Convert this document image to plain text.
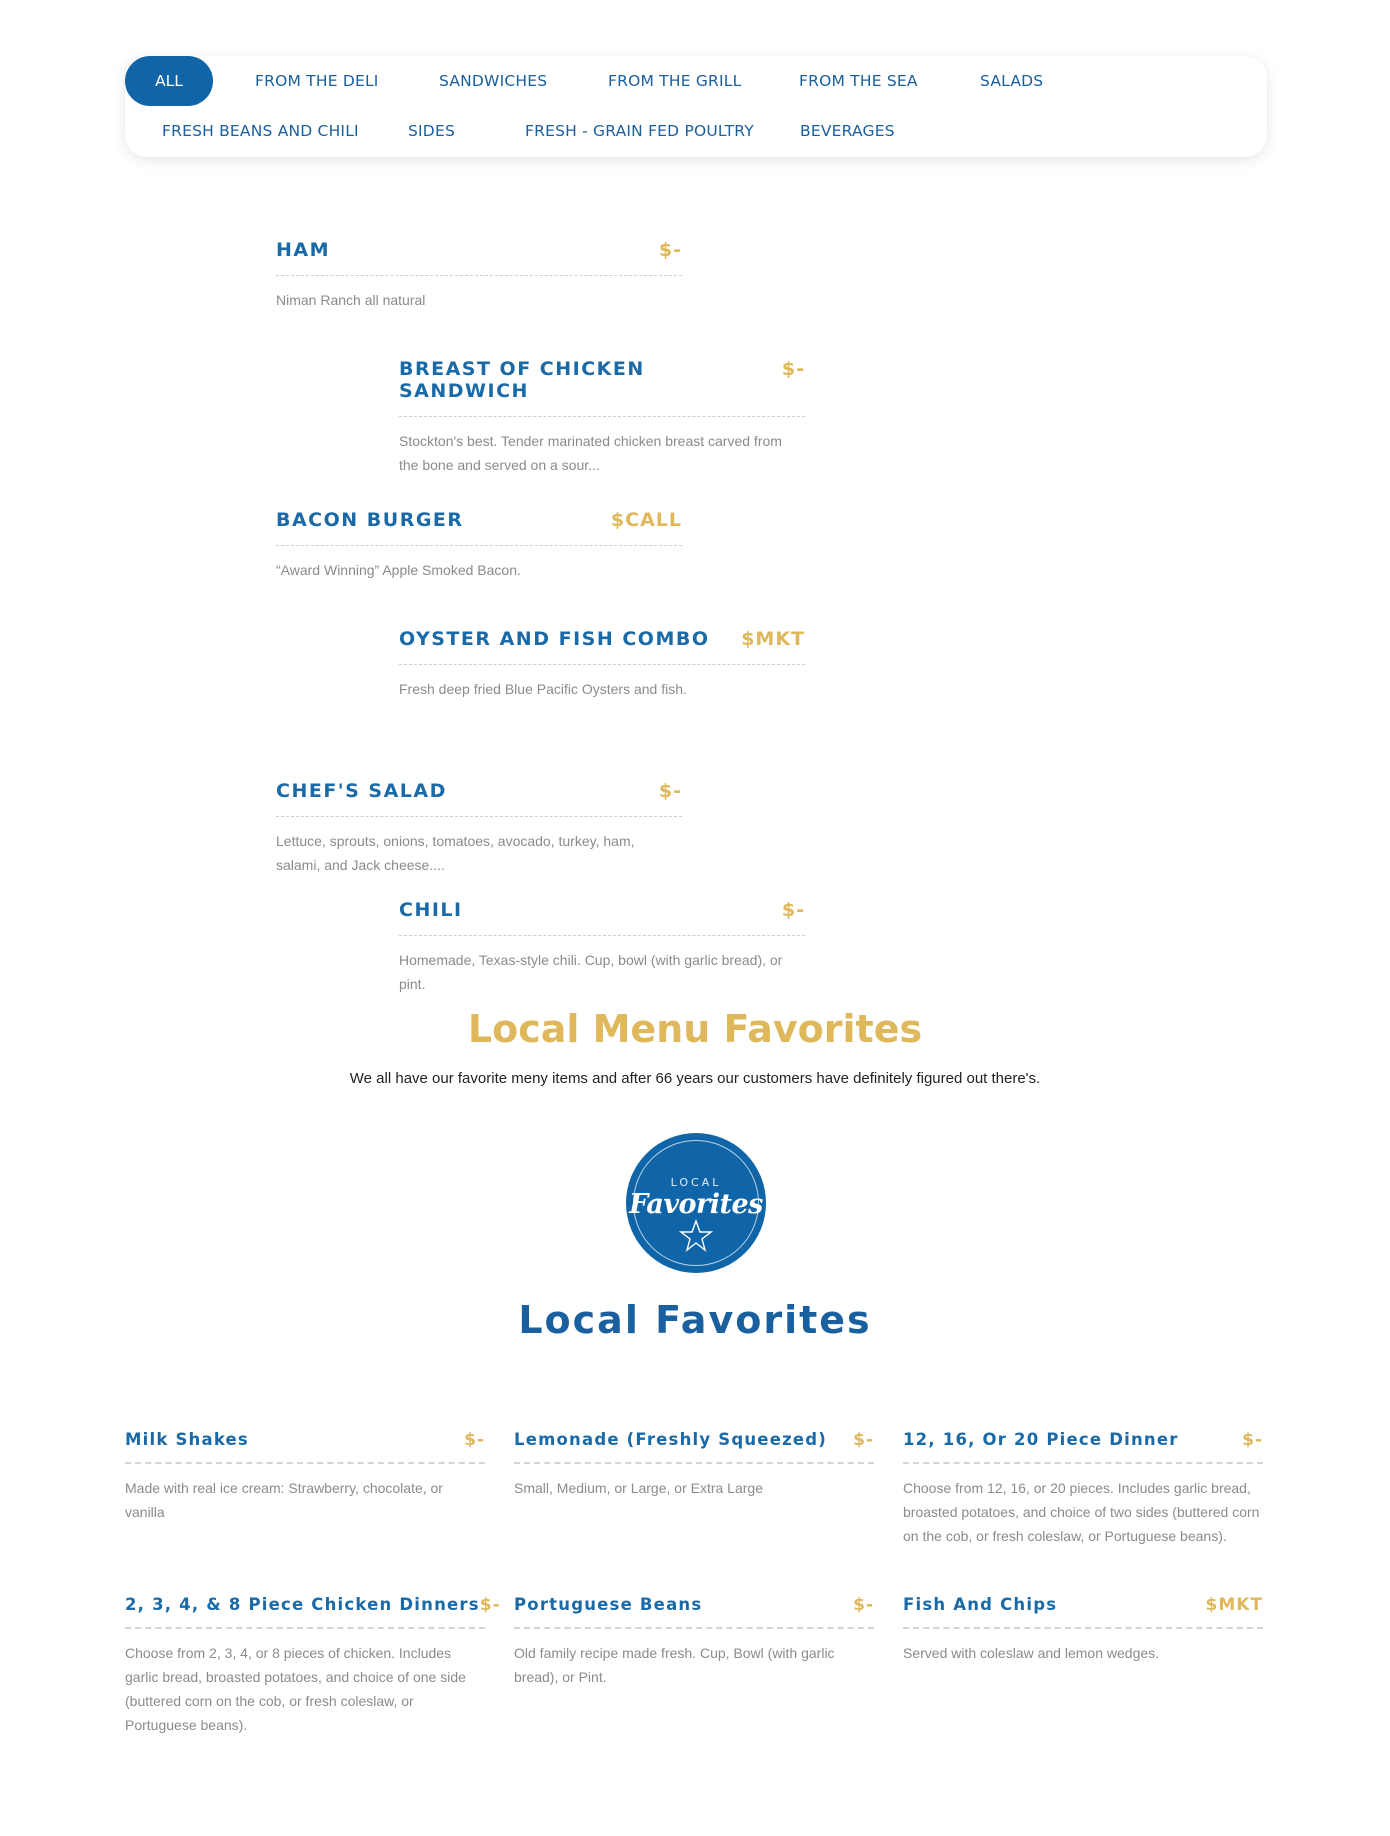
ALL	FROM THE DELI	SANDWICHES	FROM THE GRILL	FROM THE SEA	SALADS
FRESH BEANS AND CHILI	SIDES	FRESH - GRAIN FED POULTRY	BEVERAGES
HAM	$-
Niman Ranch all natural
BREAST OF CHICKEN SANDWICH
$-
Stockton's best. Tender marinated chicken breast carved from the bone and served on a sour...
BACON BURGER	$CALL
“Award Winning” Apple Smoked Bacon.
OYSTER AND FISH COMBO $MKT
Fresh deep fried Blue Pacific Oysters and fish.
CHEF'S SALAD	$-
Lettuce, sprouts, onions, tomatoes, avocado, turkey, ham, salami, and Jack cheese....
CHILI	$-
Homemade, Texas-style chili. Cup, bowl (with garlic bread), or pint.
Local Menu Favorites
We all have our favorite meny items and after 66 years our customers have definitely figured out there's.
LOCAL
Favorites
Local Favorites
Milk Shakes	$-
Made with real ice cream: Strawberry, chocolate, or vanilla
Lemonade (Freshly Squeezed) $-
Small, Medium, or Large, or Extra Large
12, 16, Or 20 Piece Dinner	$-
Choose from 12, 16, or 20 pieces. Includes garlic bread, broasted potatoes, and choice of two sides (buttered corn on the cob, or fresh coleslaw, or Portuguese beans).
2, 3, 4, & 8 Piece Chicken Dinners $-
Choose from 2, 3, 4, or 8 pieces of chicken. Includes garlic bread, broasted potatoes, and choice of one side (buttered corn on the cob, or fresh coleslaw, or Portuguese beans).
Portuguese Beans	$-
Old family recipe made fresh. Cup, Bowl (with garlic bread), or Pint.
Fish And Chips	$MKT
Served with coleslaw and lemon wedges.
